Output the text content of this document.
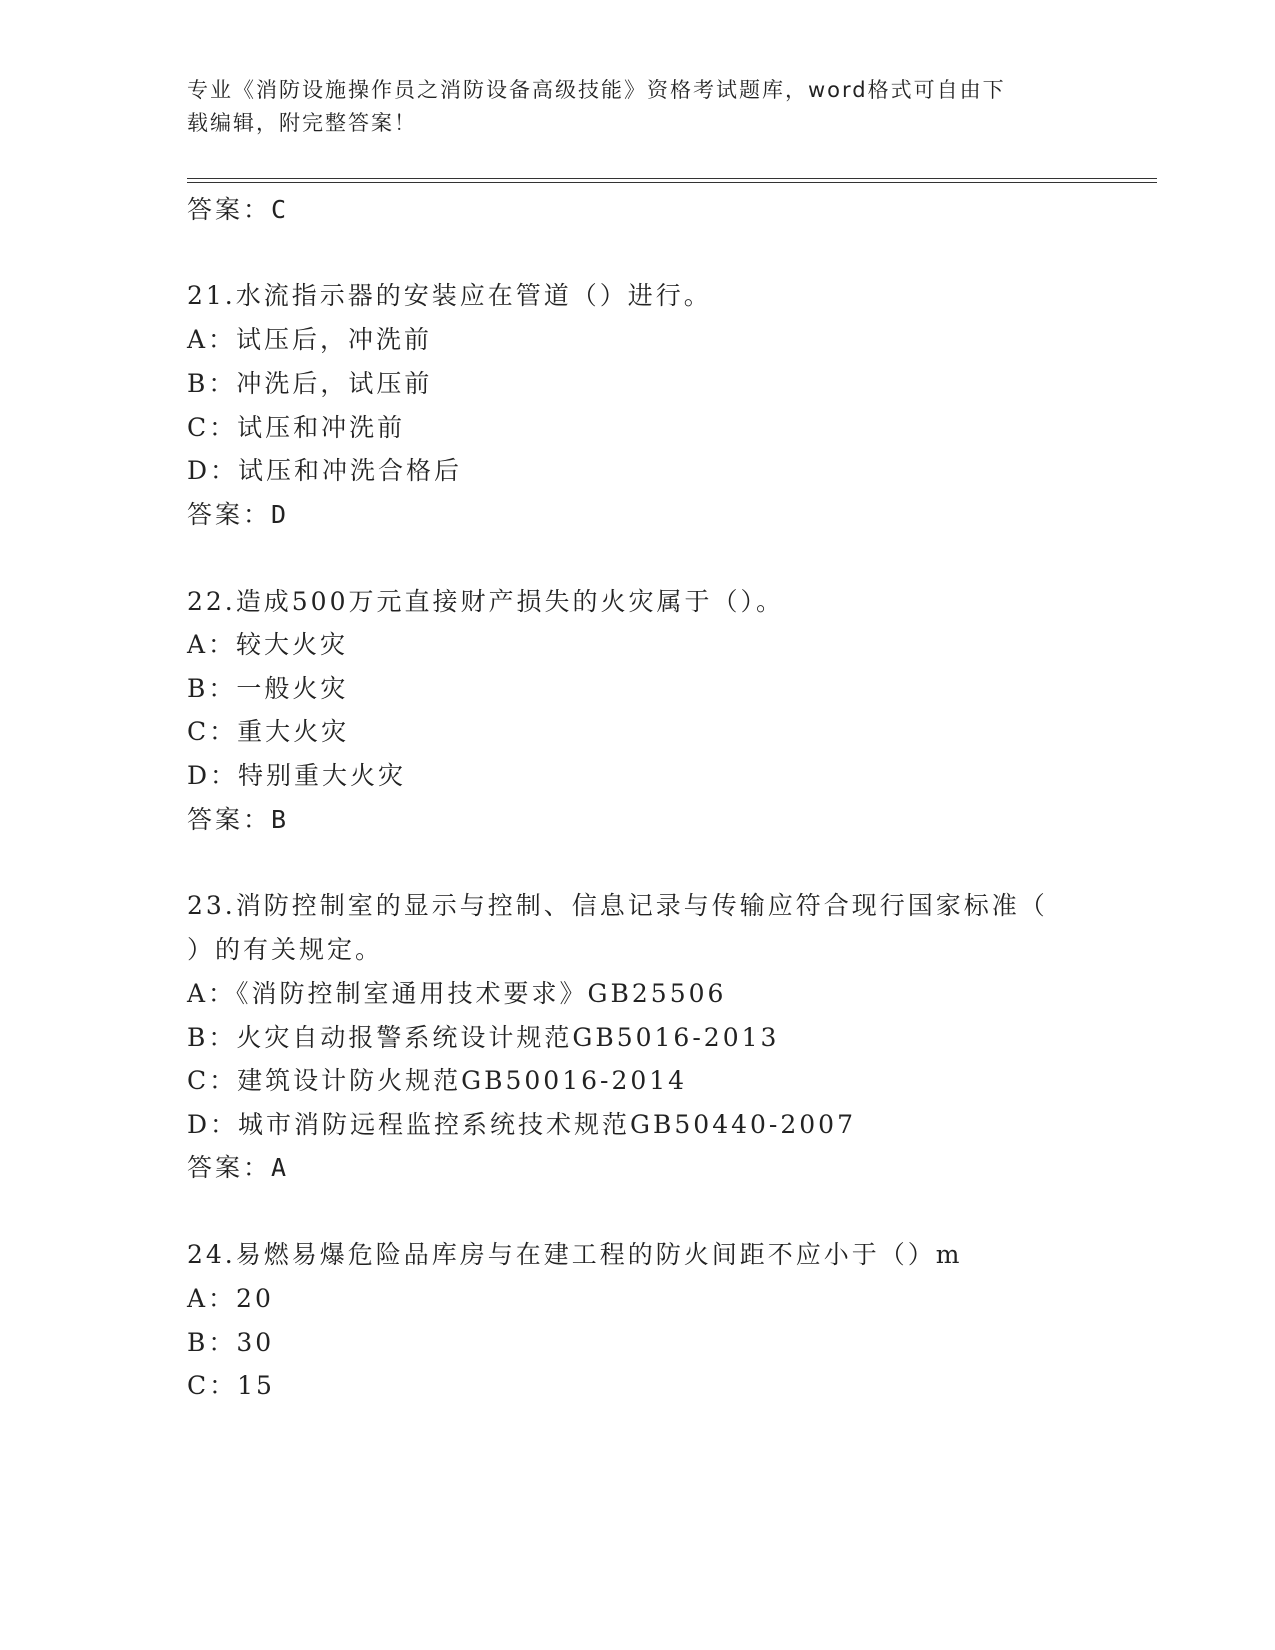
专业《消防设施操作员之消防设备高级技能》资格考试题库，word格式可自由下
载编辑，附完整答案！
答案：C
21.水流指示器的安装应在管道（）进行。
A：试压后，冲洗前
B：冲洗后，试压前
C：试压和冲洗前
D：试压和冲洗合格后
答案：D
22.造成500万元直接财产损失的火灾属于（）。
A：较大火灾
B：一般火灾
C：重大火灾
D：特别重大火灾
答案：B
23.消防控制室的显示与控制、信息记录与传输应符合现行国家标准（
）的有关规定。
A：《消防控制室通用技术要求》GB25506
B：火灾自动报警系统设计规范GB5016-2013
C：建筑设计防火规范GB50016-2014
D：城市消防远程监控系统技术规范GB50440-2007
答案：A
24.易燃易爆危险品库房与在建工程的防火间距不应小于（）m
A：20
B：30
C：15
